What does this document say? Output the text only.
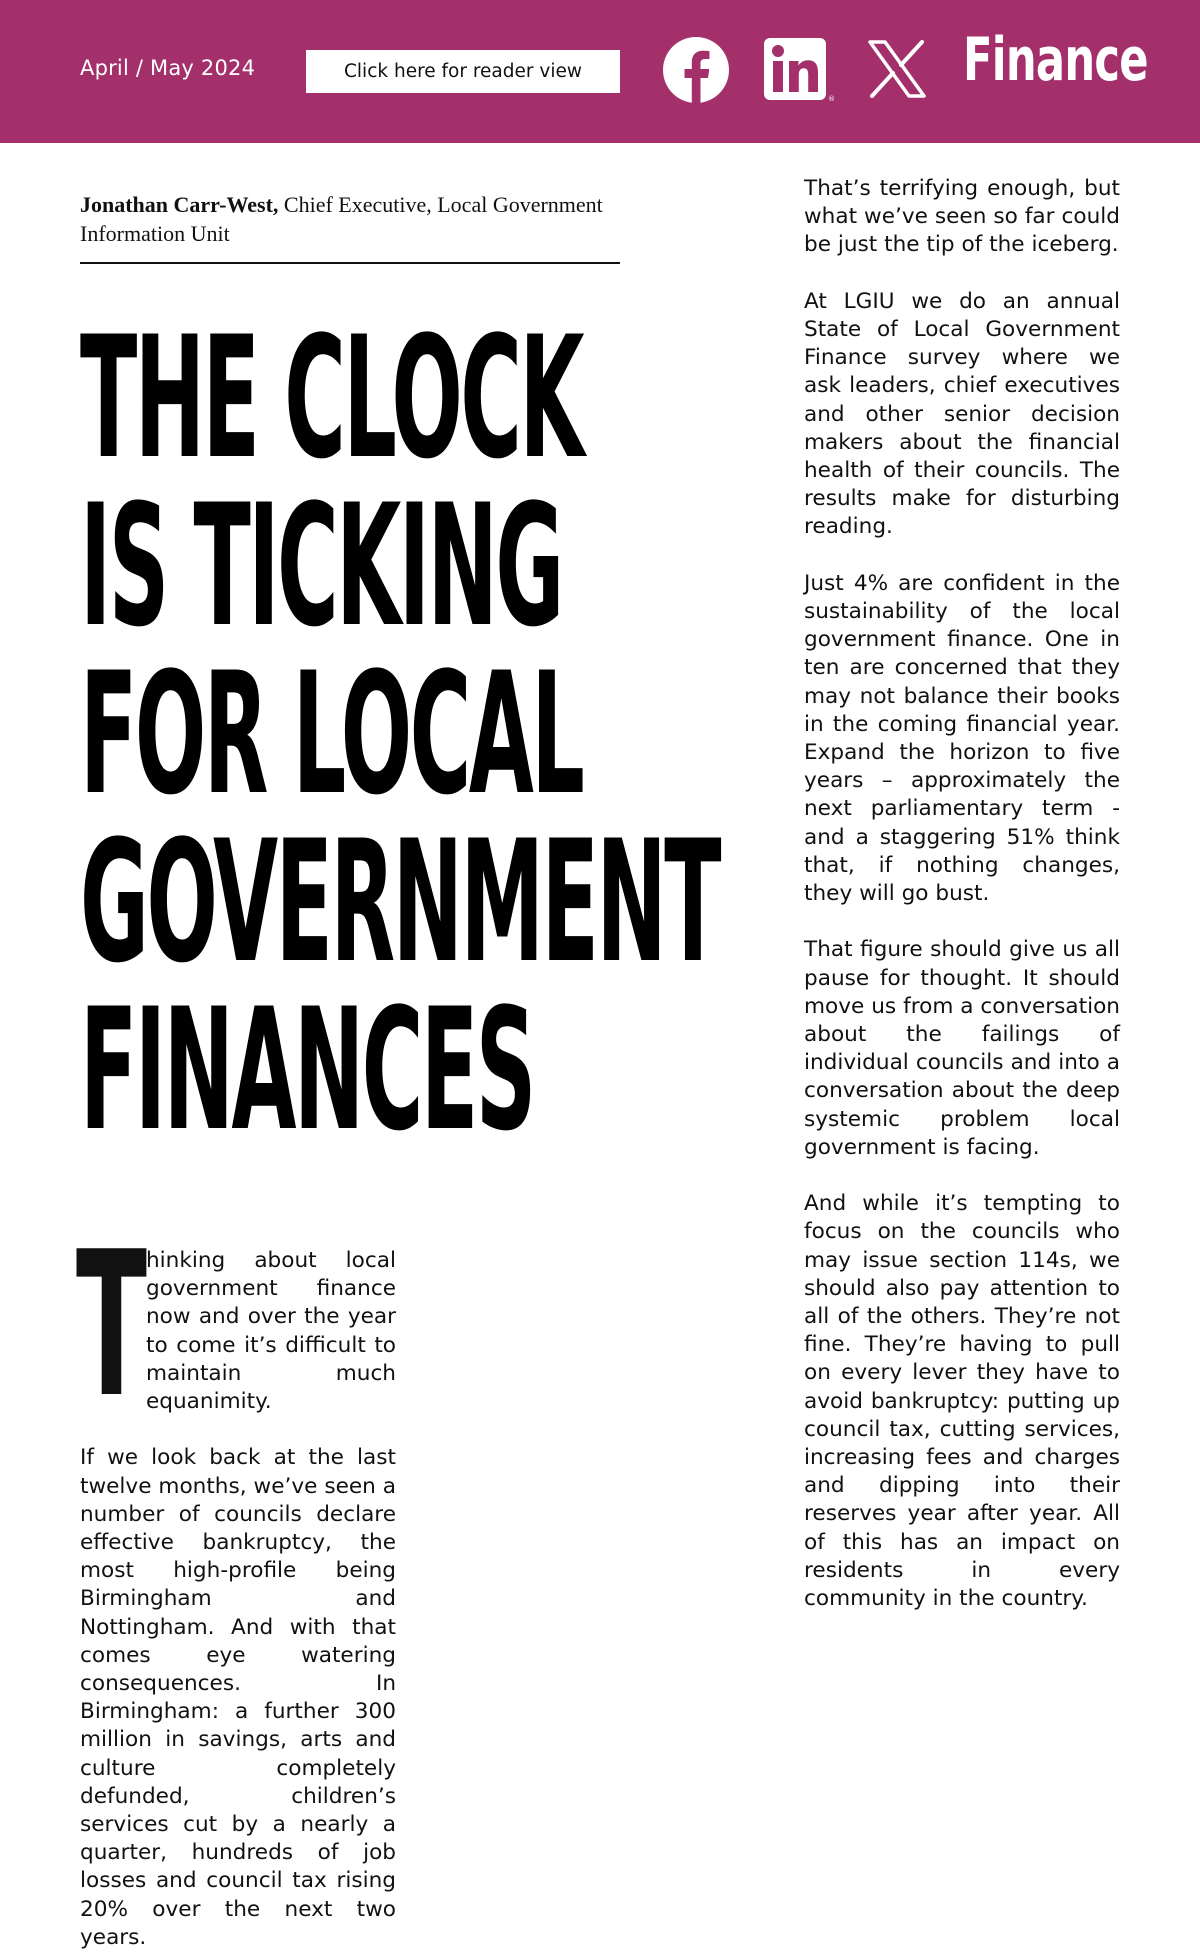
April / May 2024	Click here for reader view
®
Finance
Jonathan Carr-West, Chief Executive, Local Government Information Unit
THE CLOCK
IS TICKING
FOR LOCAL
GOVERNMENT
FINANCES

Thinking about local government finance now and over the year to come it’s difficult to maintain much equanimity.

If we look back at the last twelve months, we’ve seen a number of councils declare effective bankruptcy, the most high-profile being Birmingham and Nottingham. And with that comes eye watering consequences. In Birmingham: a further 300 million in savings, arts and culture completely defunded, children’s services cut by a nearly a quarter, hundreds of job losses and council tax rising 20% over the next two years.

That’s terrifying enough, but what we’ve seen so far could be just the tip of the iceberg.

At LGIU we do an annual State of Local Government Finance survey where we ask leaders, chief executives and other senior decision makers about the financial health of their councils. The results make for disturbing reading.

Just 4% are confident in the sustainability of the local government finance. One in ten are concerned that they may not balance their books in the coming financial year. Expand the horizon to five years – approximately the next parliamentary term - and a staggering 51% think that, if nothing changes, they will go bust.

That figure should give us all pause for thought. It should move us from a conversation about the failings of individual councils and into a conversation about the deep systemic problem local government is facing.

And while it’s tempting to focus on the councils who may issue section 114s, we should also pay attention to all of the others. They’re not fine. They’re having to pull on every lever they have to avoid bankruptcy: putting up council tax, cutting services, increasing fees and charges and dipping into their reserves year after year. All of this has an impact on residents in every community in the country.
